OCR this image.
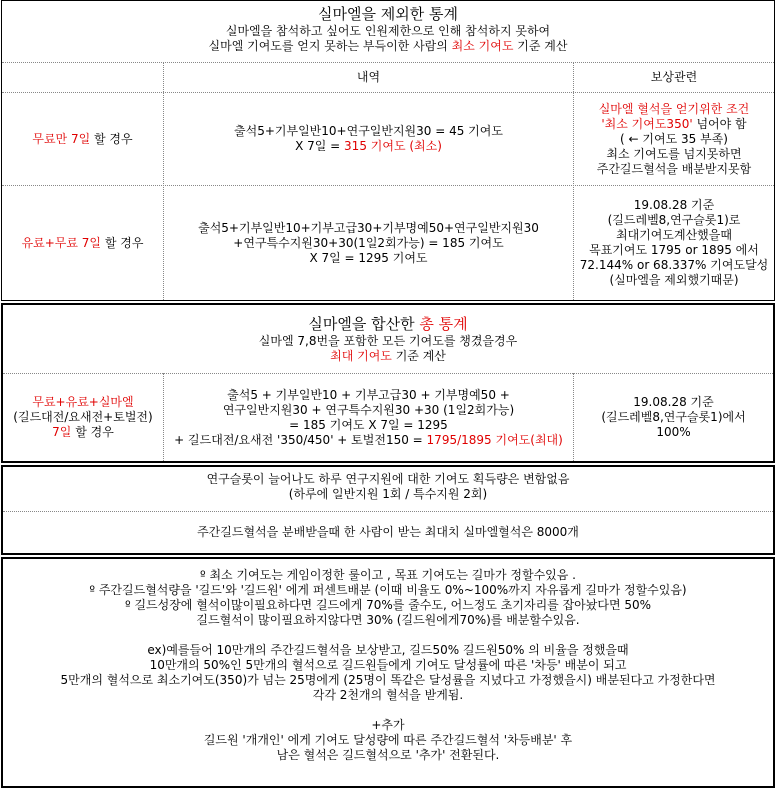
실마엘을 제외한 통계
실마엘을 참석하고 싶어도 인원제한으로 인해 참석하지 못하여
실마엘 기여도를 얻지 못하는 부득이한 사람의 최소 기여도 기준 계산
내역	보상관련

무료만 7일 할 경우

출석5+기부일반10+연구일반지원30 = 45 기여도

X 7일 = 315 기여도 (최소)

실마엘 혈석을 얻기위한 조건

'최소 기여도350' 넘어야 함

( ← 기여도 35 부족)

최소 기여도를 넘지못하면

주간길드혈석을 배분받지못함

유료+무료 7일 할 경우

출석5+기부일반10+기부고급30+기부명예50+연구일반지원30

+연구특수지원30+30(1일2회가능) = 185 기여도

X 7일 = 1295 기여도

19.08.28 기준

(길드레벨8,연구슬롯1)로

최대기여도계산했을때

목표기여도 1795 or 1895 에서

72.144% or 68.337% 기여도달성

(실마엘을 제외했기때문)

실마엘을 합산한 총 통계
실마엘 7,8번을 포함한 모든 기여도를 챙겼을경우
최대 기여도 기준 계산

무료+유료+실마엘

(길드대전/요새전+토벌전)

7일 할 경우

출석5 + 기부일반10 + 기부고급30 + 기부명예50 +

연구일반지원30 + 연구특수지원30 +30 (1일2회가능)

= 185 기여도 X 7일 = 1295

+ 길드대전/요새전 '350/450' + 토벌전150 = 1795/1895 기여도(최대)

19.08.28 기준

(길드레벨8,연구슬롯1)에서

100%

연구슬롯이 늘어나도 하루 연구지원에 대한 기여도 획득량은 변함없음

(하루에 일반지원 1회 / 특수지원 2회)

주간길드혈석을 분배받을때 한 사람이 받는 최대치 실마엘혈석은 8000개

º 최소 기여도는 게임이정한 룰이고 , 목표 기여도는 길마가 정할수있음 .

º 주간길드혈석량을 '길드'와 '길드원' 에게 퍼센트배분 (이때 비율도 0%~100%까지 자유롭게 길마가 정할수있음)

º 길드성장에 혈석이많이필요하다면 길드에게 70%를 줄수도, 어느정도 초기자리를 잡아놨다면 50%

길드혈석이 많이필요하지않다면 30% (길드원에게70%)를 배분할수있음.

ex)예를들어 10만개의 주간길드혈석을 보상받고, 길드50% 길드원50% 의 비율을 정했을때

10만개의 50%인 5만개의 혈석으로 길드원들에게 기여도 달성률에 따른 '차등' 배분이 되고

5만개의 혈석으로 최소기여도(350)가 넘는 25명에게 (25명이 똑같은 달성률을 지녔다고 가정했을시) 배분된다고 가정한다면

각각 2천개의 혈석을 받게됨.

+추가

길드원 '개개인' 에게 기여도 달성량에 따른 주간길드혈석 '차등배분' 후

남은 혈석은 길드혈석으로 '추가' 전환된다.
